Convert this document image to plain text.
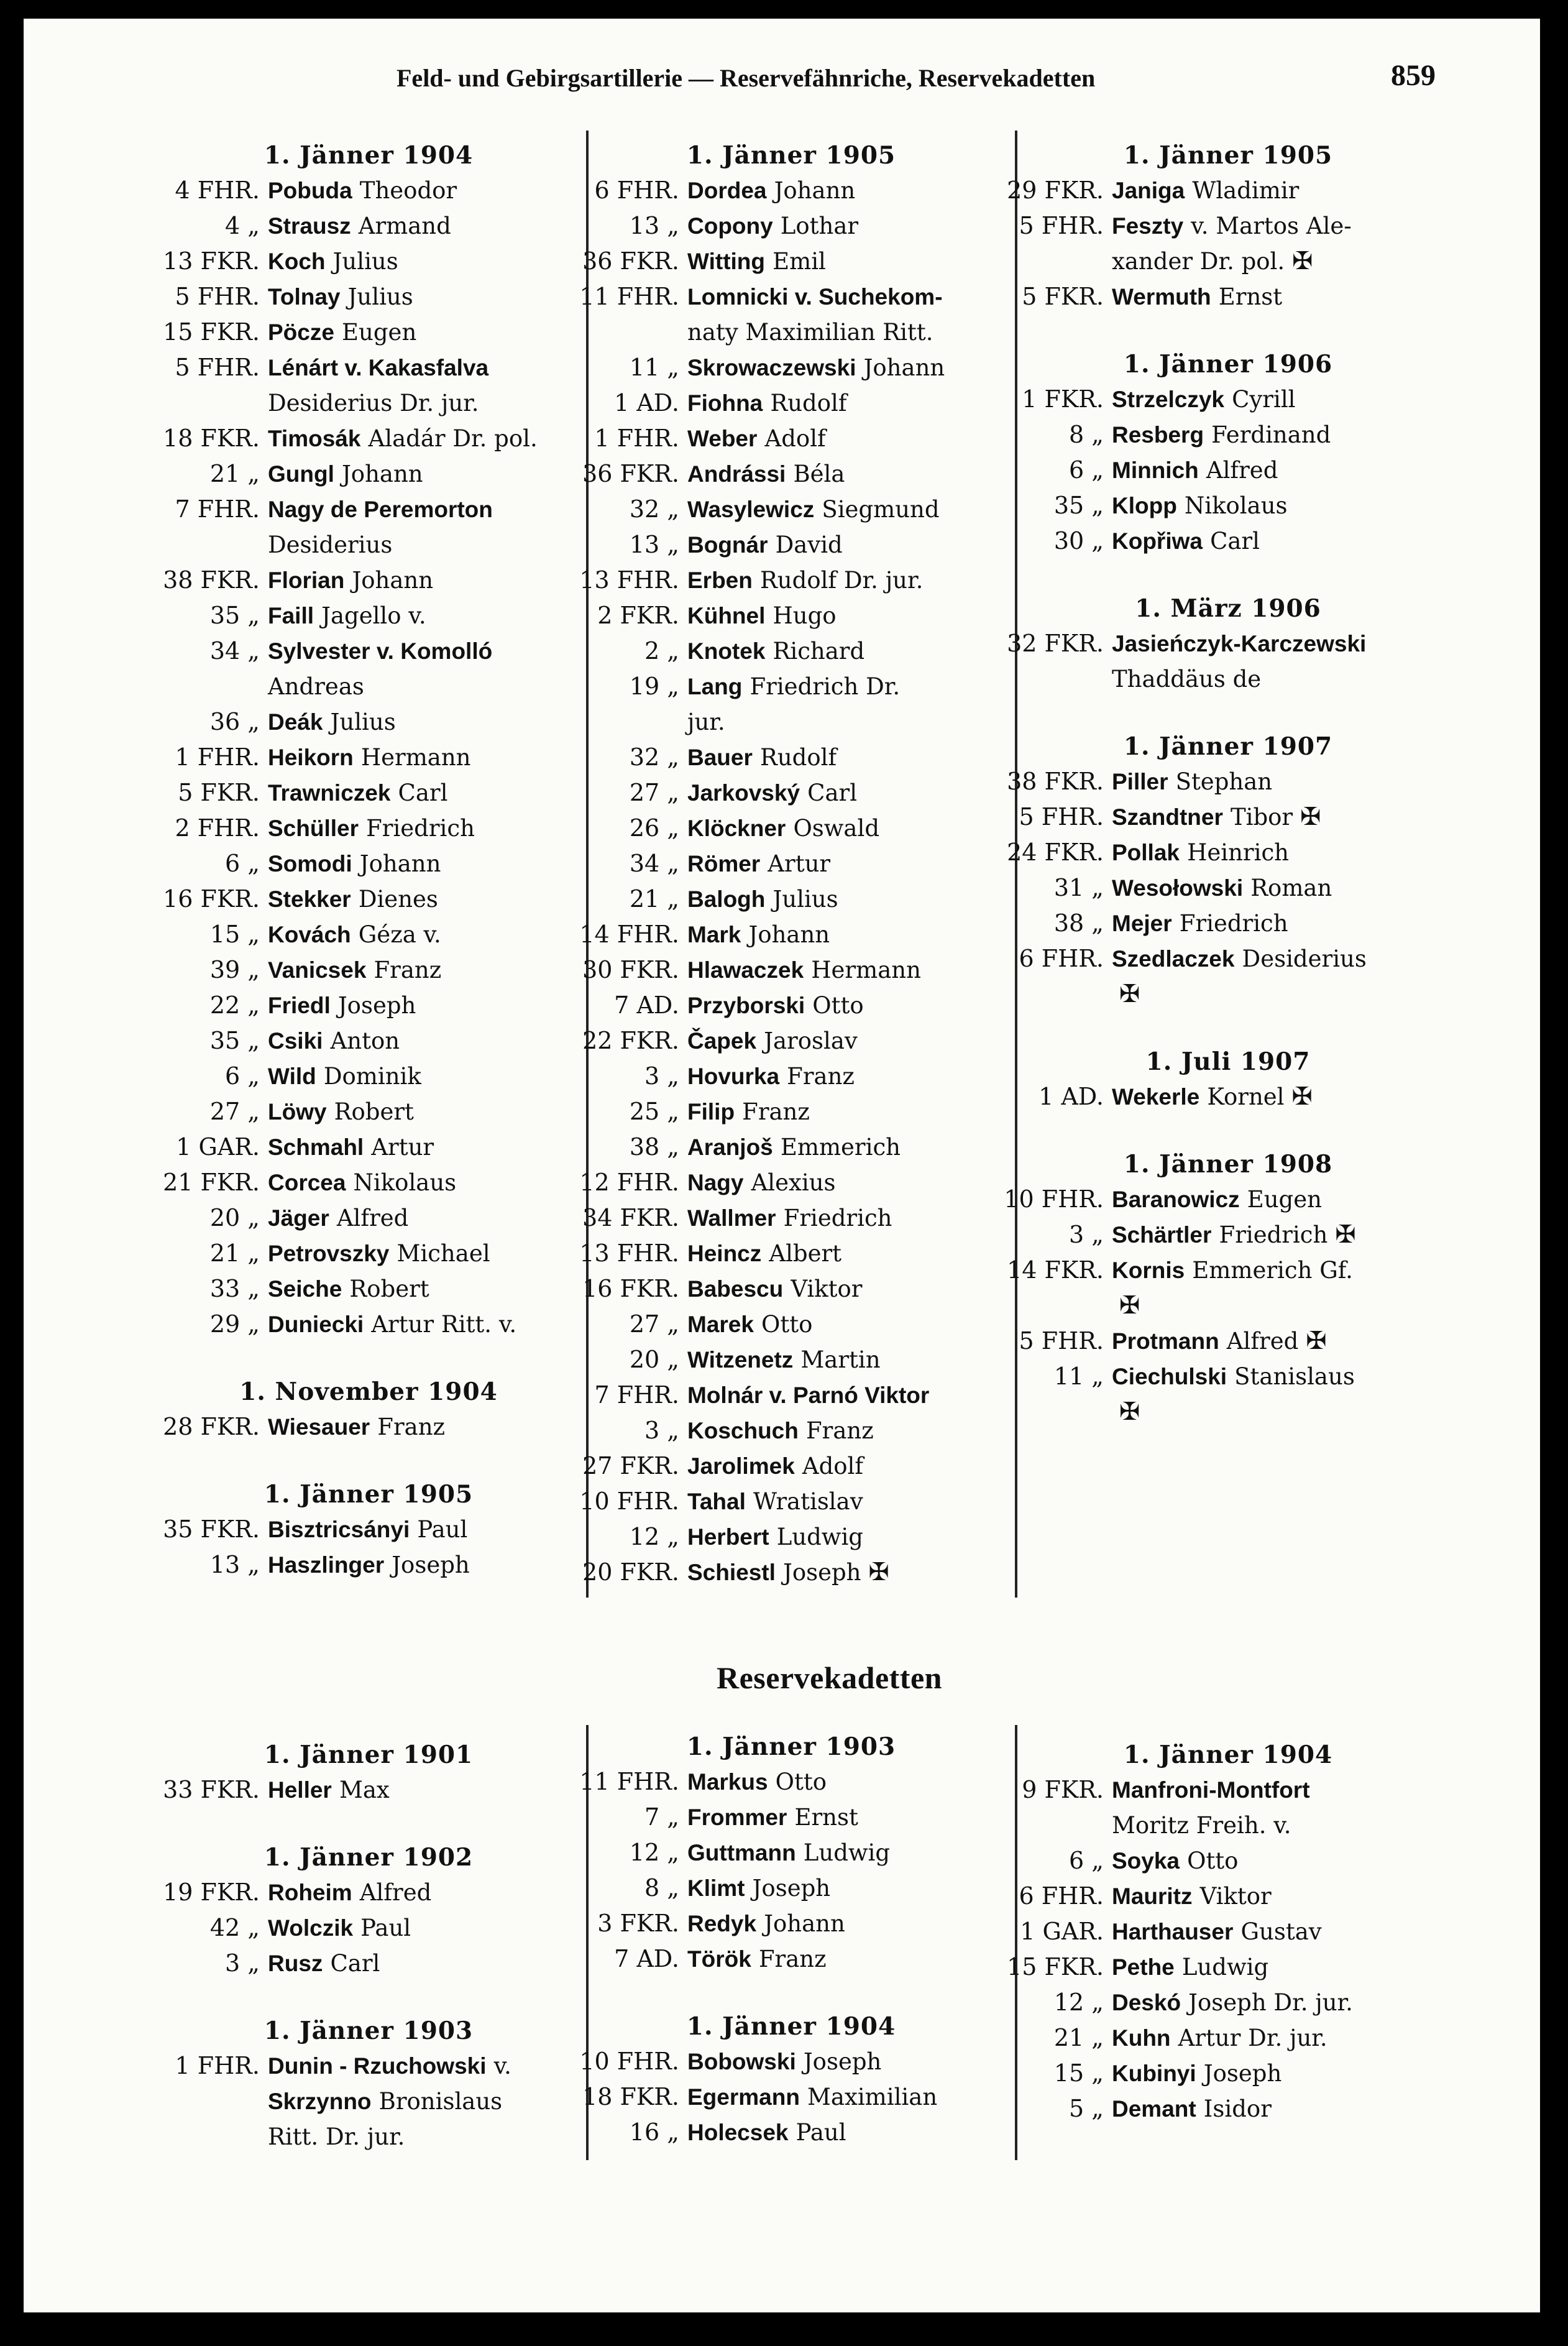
Feld- und Gebirgsartillerie — Reservefähnriche, Reservekadetten	859
1. Jänner 1904
4 FHR. Pobuda Theodor
4 „ Strausz Armand
13 FKR. Koch Julius
5 FHR. Tolnay Julius
15 FKR. Pöcze Eugen
5 FHR. Lénárt v. Kakasfalva
Desiderius Dr. jur.
18 FKR. Timosák Aladár Dr. pol.
21 „ Gungl Johann
7 FHR. Nagy de Peremorton
Desiderius
38 FKR. Florian Johann
35 „ Faill Jagello v.
34 „ Sylvester v. Komolló
Andreas
36 „ Deák Julius
1 FHR. Heikorn Hermann
5 FKR. Trawniczek Carl
2 FHR. Schüller Friedrich
6 „ Somodi Johann
16 FKR. Stekker Dienes
15 „ Kovách Géza v.
39 „ Vanicsek Franz
22 „ Friedl Joseph
35 „ Csiki Anton
6 „ Wild Dominik
27 „ Löwy Robert
1 GAR. Schmahl Artur
21 FKR. Corcea Nikolaus
20 „ Jäger Alfred
21 „ Petrovszky Michael
33 „ Seiche Robert
29 „ Duniecki Artur Ritt. v.
1. November 1904
28 FKR. Wiesauer Franz
1. Jänner 1905
35 FKR. Bisztricsányi Paul
13 „ Haszlinger Joseph
1. Jänner 1905
6 FHR. Dordea Johann
13 „ Copony Lothar
36 FKR. Witting Emil
11 FHR. Lomnicki v. Suchekom-
naty Maximilian Ritt.
11 „ Skrowaczewski Johann
1 AD. Fiohna Rudolf
1 FHR. Weber Adolf
36 FKR. Andrássi Béla
32 „ Wasylewicz Siegmund
13 „ Bognár David
13 FHR. Erben Rudolf Dr. jur.
2 FKR. Kühnel Hugo
2 „ Knotek Richard
19 „ Lang Friedrich Dr.
jur.
32 „ Bauer Rudolf
27 „ Jarkovský Carl
26 „ Klöckner Oswald
34 „ Römer Artur
21 „ Balogh Julius
14 FHR. Mark Johann
30 FKR. Hlawaczek Hermann
7 AD. Przyborski Otto
22 FKR. Čapek Jaroslav
3 „ Hovurka Franz
25 „ Filip Franz
38 „ Aranjoš Emmerich
12 FHR. Nagy Alexius
34 FKR. Wallmer Friedrich
13 FHR. Heincz Albert
16 FKR. Babescu Viktor
27 „ Marek Otto
20 „ Witzenetz Martin
7 FHR. Molnár v. Parnó Viktor
3 „ Koschuch Franz
27 FKR. Jarolimek Adolf
10 FHR. Tahal Wratislav
12 „ Herbert Ludwig
20 FKR. Schiestl Joseph ✠
1. Jänner 1905
29 FKR. Janiga Wladimir
5 FHR. Feszty v. Martos Ale-
xander Dr. pol. ✠
5 FKR. Wermuth Ernst
1. Jänner 1906
1 FKR. Strzelczyk Cyrill
8 „ Resberg Ferdinand
6 „ Minnich Alfred
35 „ Klopp Nikolaus
30 „ Kopřiwa Carl
1. März 1906
32 FKR. Jasieńczyk-Karczewski
Thaddäus de
1. Jänner 1907
38 FKR. Piller Stephan
5 FHR. Szandtner Tibor ✠
24 FKR. Pollak Heinrich
31 „ Wesołowski Roman
38 „ Mejer Friedrich
6 FHR. Szedlaczek Desiderius
✠
1. Juli 1907
1 AD. Wekerle Kornel ✠
1. Jänner 1908
10 FHR. Baranowicz Eugen
3 „ Schärtler Friedrich ✠
14 FKR. Kornis Emmerich Gf.
✠
5 FHR. Protmann Alfred ✠
11 „ Ciechulski Stanislaus
✠
Reservekadetten
1. Jänner 1901
33 FKR. Heller Max
1. Jänner 1902
19 FKR. Roheim Alfred
42 „ Wolczik Paul
3 „ Rusz Carl
1. Jänner 1903
1 FHR. Dunin - Rzuchowski v.
Skrzynno Bronislaus
Ritt. Dr. jur.
1. Jänner 1903
11 FHR. Markus Otto
7 „ Frommer Ernst
12 „ Guttmann Ludwig
8 „ Klimt Joseph
3 FKR. Redyk Johann
7 AD. Török Franz
1. Jänner 1904
10 FHR. Bobowski Joseph
18 FKR. Egermann Maximilian
16 „ Holecsek Paul
1. Jänner 1904
9 FKR. Manfroni-Montfort
Moritz Freih. v.
6 „ Soyka Otto
6 FHR. Mauritz Viktor
1 GAR. Harthauser Gustav
15 FKR. Pethe Ludwig
12 „ Deskó Joseph Dr. jur.
21 „ Kuhn Artur Dr. jur.
15 „ Kubinyi Joseph
5 „ Demant Isidor
